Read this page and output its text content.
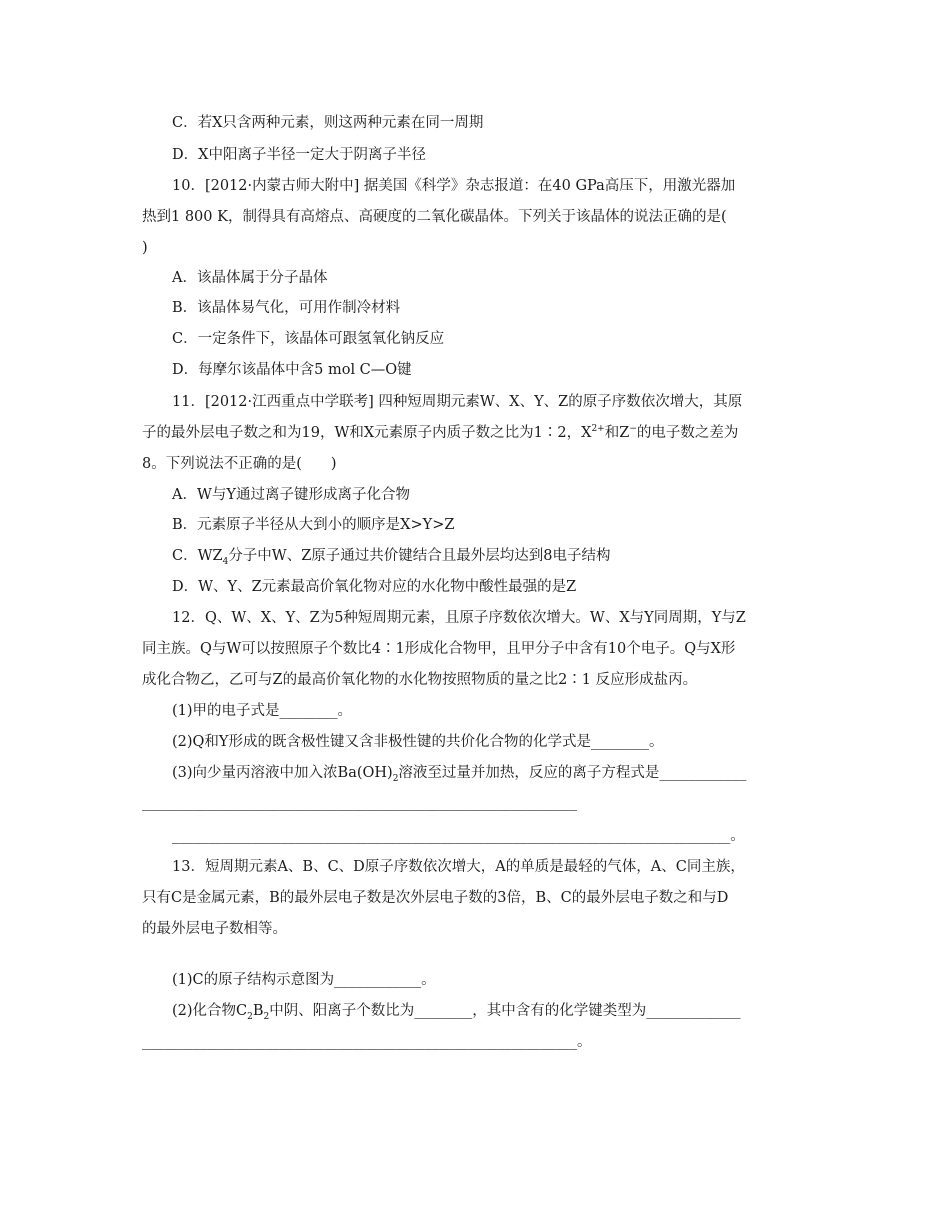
C．若X只含两种元素，则这两种元素在同一周期
D．X中阳离子半径一定大于阴离子半径
10．[2012·内蒙古师大附中] 据美国《科学》杂志报道：在40 GPa高压下，用激光器加
热到1 800 K，制得具有高熔点、高硬度的二氧化碳晶体。下列关于该晶体的说法正确的是(
)
A．该晶体属于分子晶体
B．该晶体易气化，可用作制冷材料
C．一定条件下，该晶体可跟氢氧化钠反应
D．每摩尔该晶体中含5 mol C—O键
11．[2012·江西重点中学联考] 四种短周期元素W、X、Y、Z的原子序数依次增大，其原
子的最外层电子数之和为19，W和X元素原子内质子数之比为1∶2，$X^{2+}$和Z−的电子数之差为
8。下列说法不正确的是(　　)
A．W与Y通过离子键形成离子化合物
B．元素原子半径从大到小的顺序是X>Y>Z
C．$WZ_4$分子中W、Z原子通过共价键结合且最外层均达到8电子结构
D．W、Y、Z元素最高价氧化物对应的水化物中酸性最强的是Z
12．Q、W、X、Y、Z为5种短周期元素，且原子序数依次增大。W、X与Y同周期，Y与Z
同主族。Q与W可以按照原子个数比4∶1形成化合物甲，且甲分子中含有10个电子。Q与X形
成化合物乙，乙可与Z的最高价氧化物的水化物按照物质的量之比2∶1 反应形成盐丙。
(1)甲的电子式是________。
(2)Q和Y形成的既含极性键又含非极性键的共价化合物的化学式是________。
(3)向少量丙溶液中加入浓$Ba(OH)_2$溶液至过量并加热，反应的离子方程式是____________
____________________________________________________________
_____________________________________________________________________________。
13．短周期元素A、B、C、D原子序数依次增大，A的单质是最轻的气体，A、C同主族，
只有C是金属元素，B的最外层电子数是次外层电子数的3倍，B、C的最外层电子数之和与D
的最外层电子数相等。
(1)C的原子结构示意图为____________。
(2)化合物$C_2B_2$中阴、阳离子个数比为________，其中含有的化学键类型为_____________
____________________________________________________________。
